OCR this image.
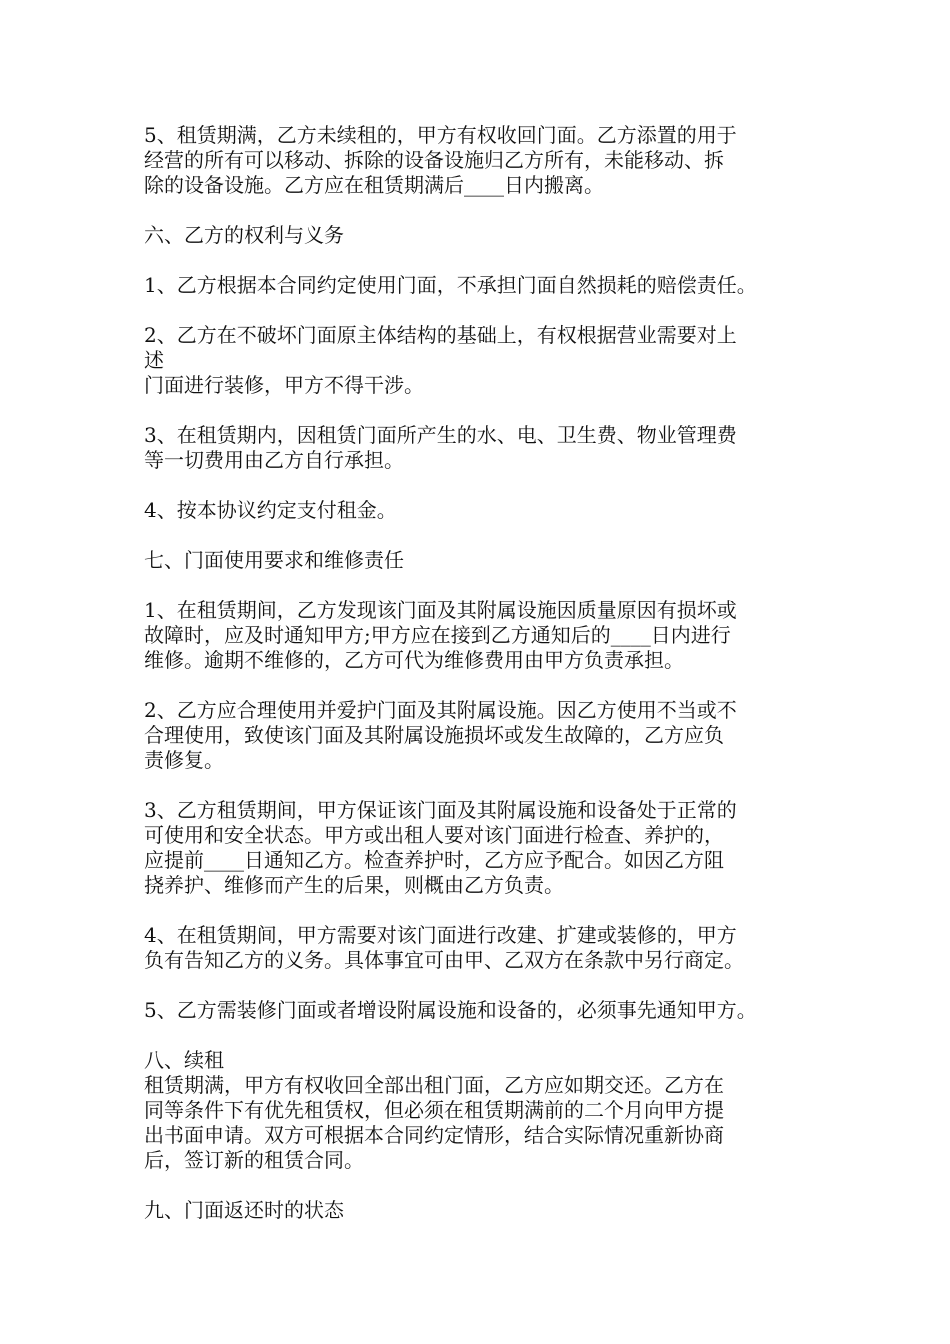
5、租赁期满，乙方未续租的，甲方有权收回门面。乙方添置的用于
经营的所有可以移动、拆除的设备设施归乙方所有，未能移动、拆
除的设备设施。乙方应在租赁期满后____日内搬离。

六、乙方的权利与义务

1、乙方根据本合同约定使用门面，不承担门面自然损耗的赔偿责任。

2、乙方在不破坏门面原主体结构的基础上，有权根据营业需要对上
述
门面进行装修，甲方不得干涉。

3、在租赁期内，因租赁门面所产生的水、电、卫生费、物业管理费
等一切费用由乙方自行承担。

4、按本协议约定支付租金。

七、门面使用要求和维修责任

1、在租赁期间，乙方发现该门面及其附属设施因质量原因有损坏或
故障时，应及时通知甲方;甲方应在接到乙方通知后的____日内进行
维修。逾期不维修的，乙方可代为维修费用由甲方负责承担。

2、乙方应合理使用并爱护门面及其附属设施。因乙方使用不当或不
合理使用，致使该门面及其附属设施损坏或发生故障的，乙方应负
责修复。

3、乙方租赁期间，甲方保证该门面及其附属设施和设备处于正常的
可使用和安全状态。甲方或出租人要对该门面进行检查、养护的，
应提前____日通知乙方。检查养护时，乙方应予配合。如因乙方阻
挠养护、维修而产生的后果，则概由乙方负责。

4、在租赁期间，甲方需要对该门面进行改建、扩建或装修的，甲方
负有告知乙方的义务。具体事宜可由甲、乙双方在条款中另行商定。

5、乙方需装修门面或者增设附属设施和设备的，必须事先通知甲方。

八、续租

租赁期满，甲方有权收回全部出租门面，乙方应如期交还。乙方在
同等条件下有优先租赁权，但必须在租赁期满前的二个月向甲方提
出书面申请。双方可根据本合同约定情形，结合实际情况重新协商
后，签订新的租赁合同。

九、门面返还时的状态
